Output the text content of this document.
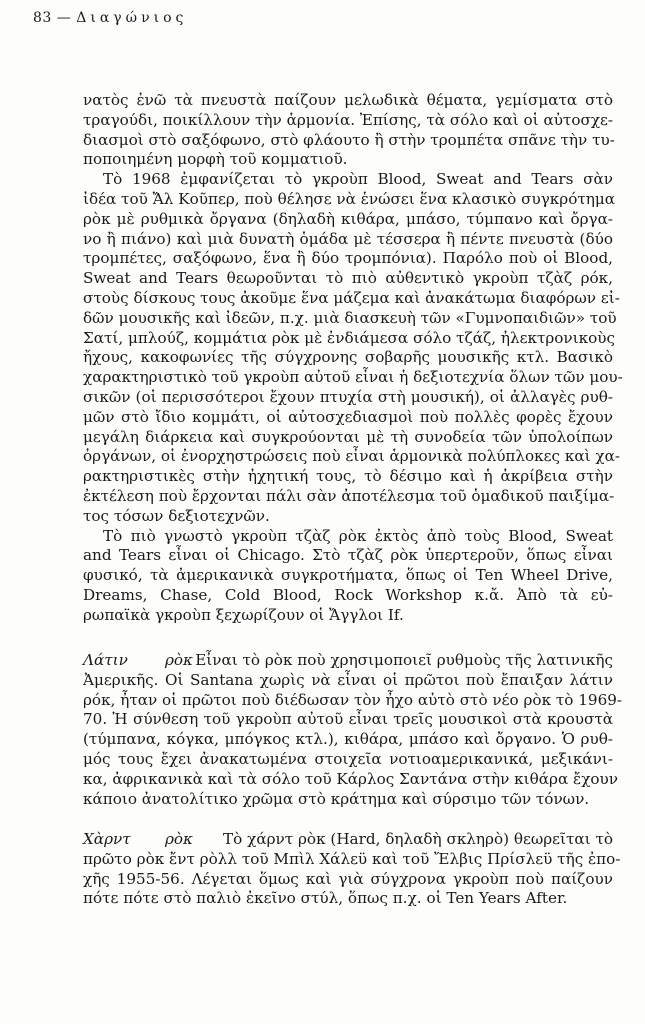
83 — Διαγώνιος
νατὸς ἐνῶ τὰ πνευστὰ παίζουν μελωδικὰ θέματα, γεμίσματα στὸ
τραγούδι, ποικίλλουν τὴν ἁρμονία. Ἐπίσης, τὰ σόλο καὶ οἱ αὐτοσχε-
διασμοὶ στὸ σαξόφωνο, στὸ φλάουτο ἢ στὴν τρομπέτα σπᾶνε τὴν τυ-
ποποιημένη μορφὴ τοῦ κομματιοῦ.
Τὸ 1968 ἐμφανίζεται τὸ γκροὺπ Blood, Sweat and Tears σὰν
ἰδέα τοῦ Ἄλ Κοῦπερ, ποὺ θέλησε νὰ ἑνώσει ἕνα κλασικὸ συγκρότημα
ρὸκ μὲ ρυθμικὰ ὄργανα (δηλαδὴ κιθάρα, μπάσο, τύμπανο καὶ ὄργα-
νο ἢ πιάνο) καὶ μιὰ δυνατὴ ὁμάδα μὲ τέσσερα ἢ πέντε πνευστὰ (δύο
τρομπέτες, σαξόφωνο, ἕνα ἢ δύο τρομπόνια). Παρόλο ποὺ οἱ Blood,
Sweat and Tears θεωροῦνται τὸ πιὸ αὐθεντικὸ γκροὺπ τζὰζ ρόκ,
στοὺς δίσκους τους ἀκοῦμε ἕνα μάζεμα καὶ ἀνακάτωμα διαφόρων εἰ-
δῶν μουσικῆς καὶ ἰδεῶν, π.χ. μιὰ διασκευὴ τῶν «Γυμνοπαιδιῶν» τοῦ
Σατί, μπλούζ, κομμάτια ρὸκ μὲ ἐνδιάμεσα σόλο τζάζ, ἠλεκτρονικοὺς
ἤχους, κακοφωνίες τῆς σύγχρονης σοβαρῆς μουσικῆς κτλ. Βασικὸ
χαρακτηριστικὸ τοῦ γκροὺπ αὐτοῦ εἶναι ἡ δεξιοτεχνία ὅλων τῶν μου-
σικῶν (οἱ περισσότεροι ἔχουν πτυχία στὴ μουσική), οἱ ἀλλαγὲς ρυθ-
μῶν στὸ ἴδιο κομμάτι, οἱ αὐτοσχεδιασμοὶ ποὺ πολλὲς φορὲς ἔχουν
μεγάλη διάρκεια καὶ συγκρούονται μὲ τὴ συνοδεία τῶν ὑπολοίπων
ὀργάνων, οἱ ἐνορχηστρώσεις ποὺ εἶναι ἁρμονικὰ πολύπλοκες καὶ χα-
ρακτηριστικὲς στὴν ἠχητική τους, τὸ δέσιμο καὶ ἡ ἀκρίβεια στὴν
ἐκτέλεση ποὺ ἔρχονται πάλι σὰν ἀποτέλεσμα τοῦ ὁμαδικοῦ παιξίμα-
τος τόσων δεξιοτεχνῶν.
Τὸ πιὸ γνωστὸ γκροὺπ τζὰζ ρὸκ ἐκτὸς ἀπὸ τοὺς Blood, Sweat
and Tears εἶναι οἱ Chicago. Στὸ τζὰζ ρὸκ ὑπερτεροῦν, ὅπως εἶναι
φυσικό, τὰ ἀμερικανικὰ συγκροτήματα, ὅπως οἱ Ten Wheel Drive,
Dreams, Chase, Cold Blood, Rock Workshop κ.ἄ. Ἀπὸ τὰ εὐ-
ρωπαϊκὰ γκροὺπ ξεχωρίζουν οἱ Ἄγγλοι If.
Λάτιν ρὸκ Εἶναι τὸ ρὸκ ποὺ χρησιμοποιεῖ ρυθμοὺς τῆς λατινικῆς
Ἀμερικῆς. Οἱ Santana χωρὶς νὰ εἶναι οἱ πρῶτοι ποὺ ἔπαιξαν λάτιν
ρόκ, ἦταν οἱ πρῶτοι ποὺ διέδωσαν τὸν ἦχο αὐτὸ στὸ νέο ρὸκ τὸ 1969-
70. Ἡ σύνθεση τοῦ γκροὺπ αὐτοῦ εἶναι τρεῖς μουσικοὶ στὰ κρουστὰ
(τύμπανα, κόγκα, μπόγκος κτλ.), κιθάρα, μπάσο καὶ ὄργανο. Ὁ ρυθ-
μός τους ἔχει ἀνακατωμένα στοιχεῖα νοτιοαμερικανικά, μεξικάνι-
κα, ἀφρικανικὰ καὶ τὰ σόλο τοῦ Κάρλος Σαντάνα στὴν κιθάρα ἔχουν
κάποιο ἀνατολίτικο χρῶμα στὸ κράτημα καὶ σύρσιμο τῶν τόνων.
Χὰρντ ρὸκ Τὸ χάρντ ρὸκ (Hard, δηλαδὴ σκληρὸ) θεωρεῖται τὸ
πρῶτο ρὸκ ἔντ ρὸλλ τοῦ Μπὶλ Χάλεϋ καὶ τοῦ Ἔλβις Πρίσλεϋ τῆς ἐπο-
χῆς 1955-56. Λέγεται ὅμως καὶ γιὰ σύγχρονα γκροὺπ ποὺ παίζουν
πότε πότε στὸ παλιὸ ἐκεῖνο στύλ, ὅπως π.χ. οἱ Ten Years After.
